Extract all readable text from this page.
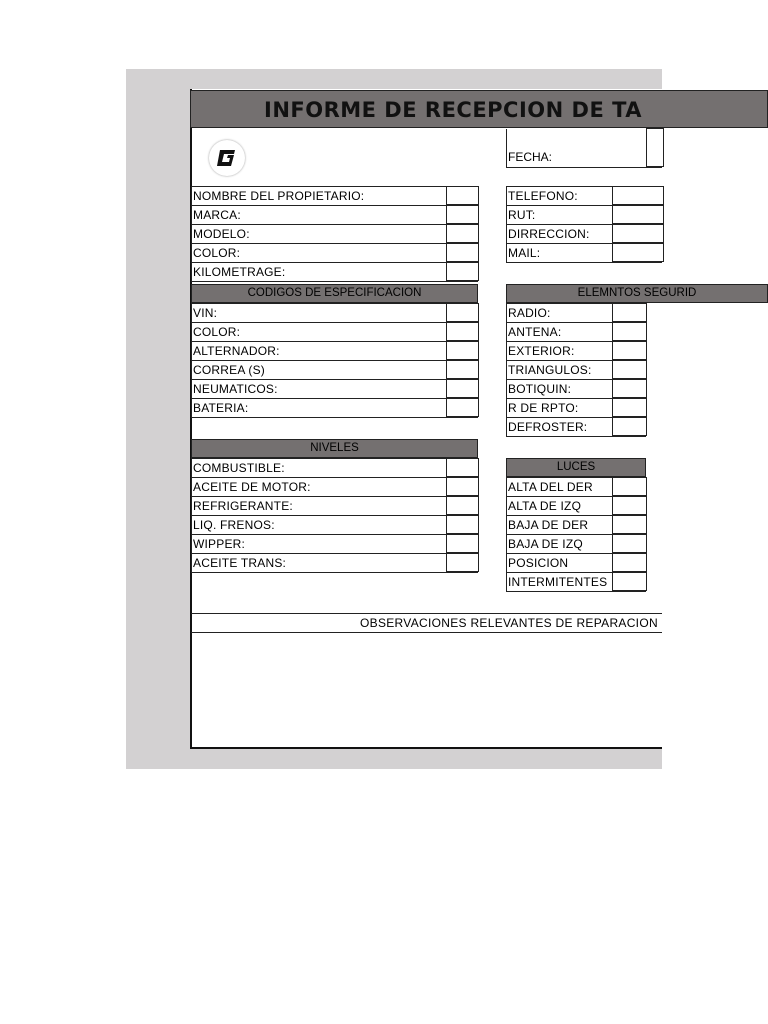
INFORME DE RECEPCION DE TA
FECHA:
NOMBRE DEL PROPIETARIO:
MARCA:
MODELO:
COLOR:
KILOMETRAGE:
TELEFONO:
RUT:
DIRRECCION:
MAIL:
CODIGOS DE ESPECIFICACION
VIN:
COLOR:
ALTERNADOR:
CORREA (S)
NEUMATICOS:
BATERIA:
ELEMNTOS SEGURID
RADIO:
ANTENA:
EXTERIOR:
TRIANGULOS:
BOTIQUIN:
R DE RPTO:
DEFROSTER:
NIVELES
COMBUSTIBLE:
ACEITE DE MOTOR:
REFRIGERANTE:
LIQ. FRENOS:
WIPPER:
ACEITE TRANS:
LUCES
ALTA DEL DER
ALTA DE IZQ
BAJA DE DER
BAJA DE IZQ
POSICION
INTERMITENTES
OBSERVACIONES RELEVANTES DE REPARACION
